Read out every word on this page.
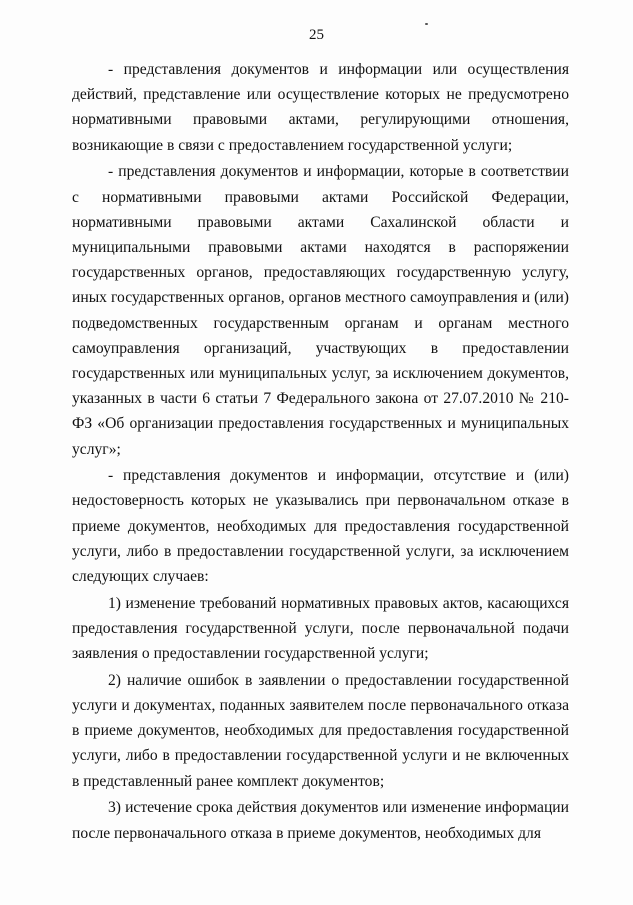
25

- представления документов и информации или осуществления действий, представление или осуществление которых не предусмотрено нормативными правовыми актами, регулирующими отношения, возникающие в связи с предоставлением государственной услуги;

- представления документов и информации, которые в соответствии с нормативными правовыми актами Российской Федерации, нормативными правовыми актами Сахалинской области и муниципальными правовыми актами находятся в распоряжении государственных органов, предоставляющих государственную услугу, иных государственных органов, органов местного самоуправления и (или) подведомственных государственным органам и органам местного самоуправления организаций, участвующих в предоставлении государственных или муниципальных услуг, за исключением документов, указанных в части 6 статьи 7 Федерального закона от 27.07.2010 № 210-ФЗ «Об организации предоставления государственных и муниципальных услуг»;

- представления документов и информации, отсутствие и (или) недостоверность которых не указывались при первоначальном отказе в приеме документов, необходимых для предоставления государственной услуги, либо в предоставлении государственной услуги, за исключением следующих случаев:

1) изменение требований нормативных правовых актов, касающихся предоставления государственной услуги, после первоначальной подачи заявления о предоставлении государственной услуги;

2) наличие ошибок в заявлении о предоставлении государственной услуги и документах, поданных заявителем после первоначального отказа в приеме документов, необходимых для предоставления государственной услуги, либо в предоставлении государственной услуги и не включенных в представленный ранее комплект документов;

3) истечение срока действия документов или изменение информации после первоначального отказа в приеме документов, необходимых для
